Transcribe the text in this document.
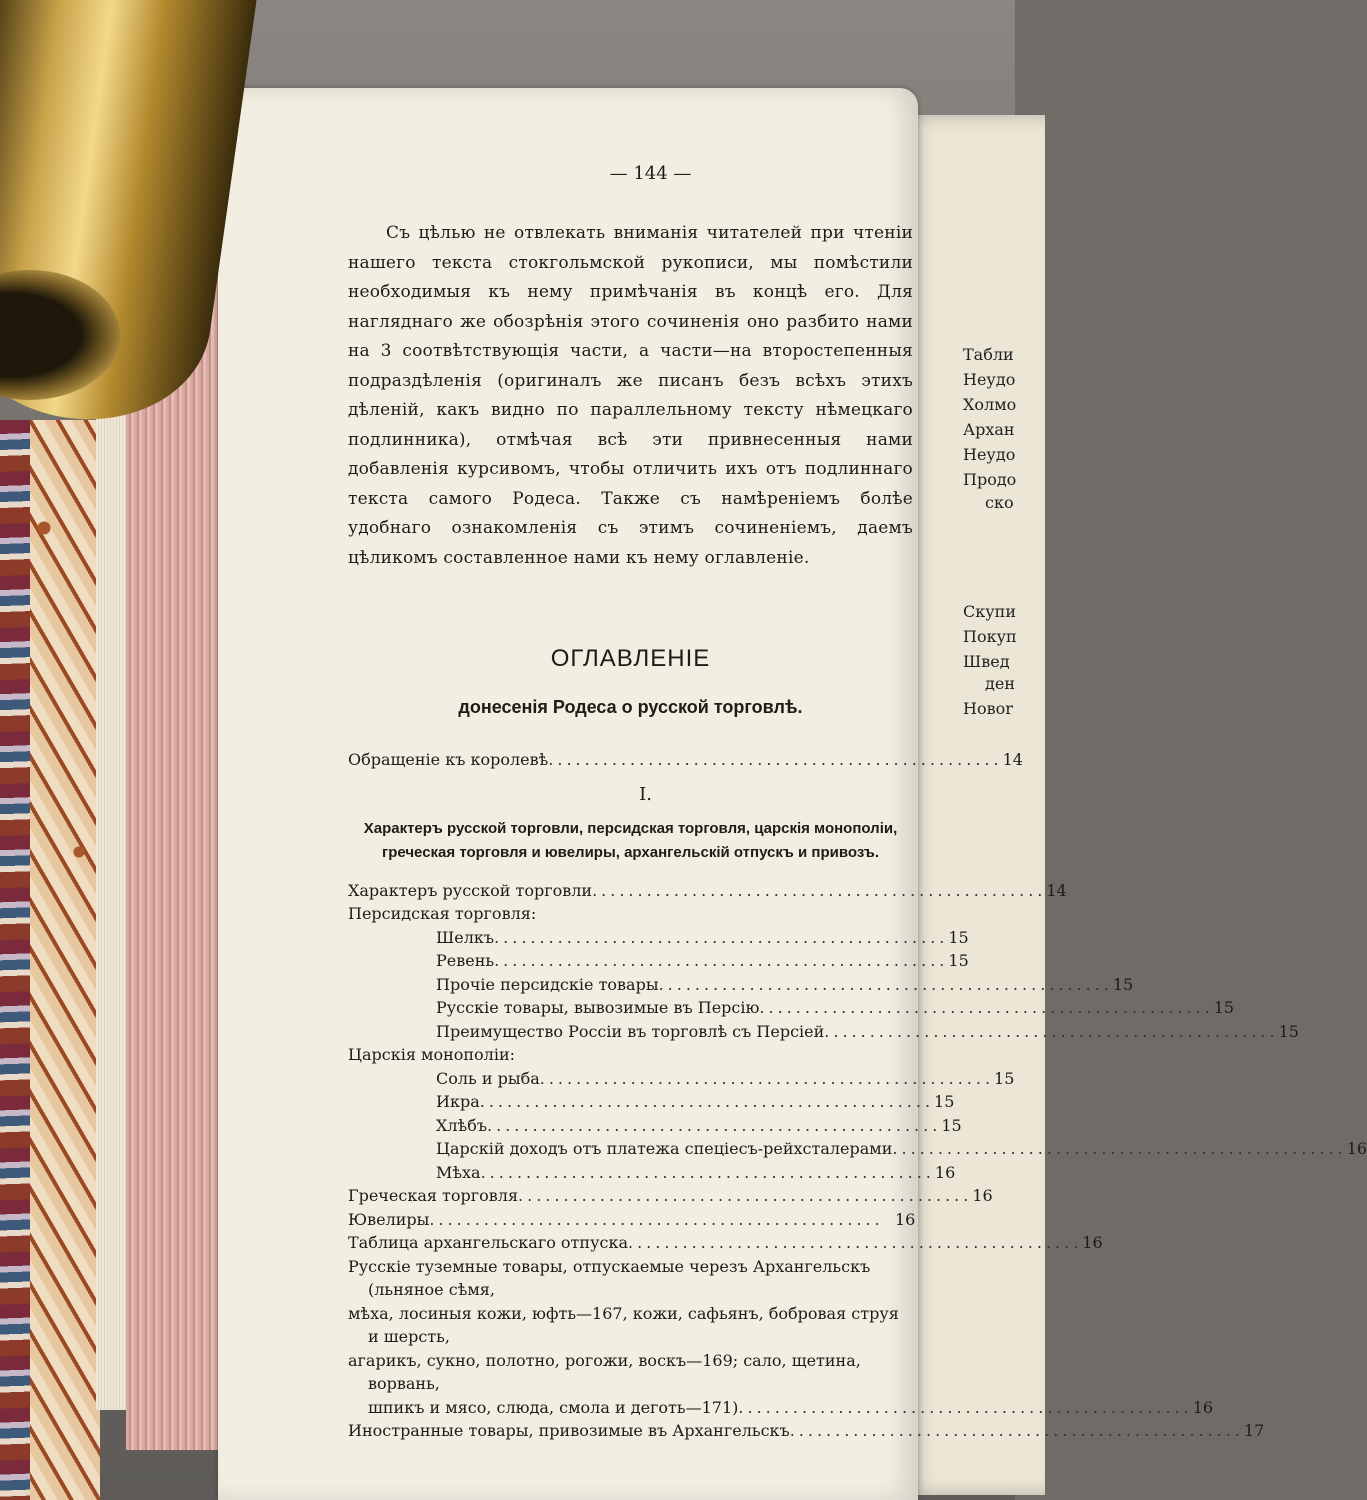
Табли
Неудо
Холмо
Архан
Неудо
Продо
ско
Скупи
Покуп
Швед
ден
Новоr
— 144 —
Съ цѣлью не отвлекать вниманія читателей при чтеніи нашего текста стокгольмской рукописи, мы помѣстили необходимыя къ нему примѣчанія въ концѣ его. Для нагляднаго же обозрѣнія этого сочиненія оно разбито нами на 3 соотвѣтствующія части, а части—на второстепенныя подраздѣленія (оригиналъ же писанъ безъ всѣхъ этихъ дѣленій, какъ видно по параллельному тексту нѣмецкаго подлинника), отмѣчая всѣ эти привнесенныя нами добавленія курсивомъ, чтобы отличить ихъ отъ подлиннаго текста самого Родеса. Также съ намѣреніемъ болѣе удобнаго ознакомленія съ этимъ сочиненіемъ, даемъ цѣликомъ составленное нами къ нему оглавленіе.
ОГЛАВЛЕНІЕ
донесенія Родеса о русской торговлѣ.
Обращеніе къ королевѣ .................................................. 14
I.
Характеръ русской торговли, персидская торговля, царскія монополіи, греческая торговля и ювелиры, архангельскій отпускъ и привозъ.
Характеръ русской торговли .................................................. 14
Персидская торговля:
Шелкъ .................................................. 15
Ревень .................................................. 15
Прочіе персидскіе товары .................................................. 15
Русскіе товары, вывозимые въ Персію .................................................. 15
Преимущество Россіи въ торговлѣ съ Персіей .................................................. 15
Царскія монополіи:
Соль и рыба .................................................. 15
Икра .................................................. 15
Хлѣбъ .................................................. 15
Царскій доходъ отъ платежа спеціесъ-рейхсталерами .................................................. 16
Мѣха .................................................. 16
Греческая торговля .................................................. 16
Ювелиры .................................................. 16
Таблица архангельскаго отпуска .................................................. 16
Русскіе туземные товары, отпускаемые черезъ Архангельскъ (льняное сѣмя,
мѣха, лосиныя кожи, юфть—167, кожи, сафьянъ, бобровая струя и шерсть,
агарикъ, сукно, полотно, рогожи, воскъ—169; сало, щетина, ворвань,
шпикъ и мясо, слюда, смола и деготь—171) .................................................. 16
Иностранные товары, привозимые въ Архангельскъ .................................................. 17
